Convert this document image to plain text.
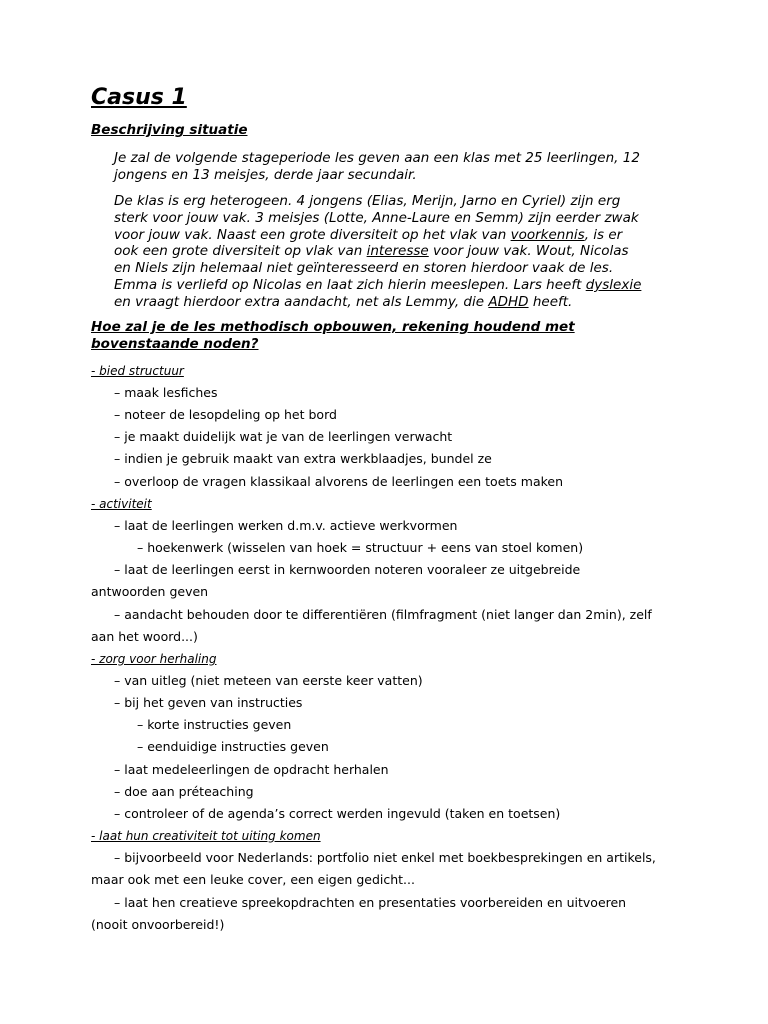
Casus 1

Beschrijving situatie

Je zal de volgende stageperiode les geven aan een klas met 25 leerlingen, 12
jongens en 13 meisjes, derde jaar secundair.

De klas is erg heterogeen. 4 jongens (Elias, Merijn, Jarno en Cyriel) zijn erg
sterk voor jouw vak. 3 meisjes (Lotte, Anne-Laure en Semm) zijn eerder zwak
voor jouw vak. Naast een grote diversiteit op het vlak van voorkennis, is er
ook een grote diversiteit op vlak van interesse voor jouw vak. Wout, Nicolas
en Niels zijn helemaal niet geïnteresseerd en storen hierdoor vaak de les.
Emma is verliefd op Nicolas en laat zich hierin meeslepen. Lars heeft dyslexie
en vraagt hierdoor extra aandacht, net als Lemmy, die ADHD heeft.

Hoe zal je de les methodisch opbouwen, rekening houdend met
bovenstaande noden?

- bied structuur

– maak lesfiches

– noteer de lesopdeling op het bord

– je maakt duidelijk wat je van de leerlingen verwacht

– indien je gebruik maakt van extra werkblaadjes, bundel ze

– overloop de vragen klassikaal alvorens de leerlingen een toets maken

- activiteit

– laat de leerlingen werken d.m.v. actieve werkvormen

– hoekenwerk (wisselen van hoek = structuur + eens van stoel komen)

– laat de leerlingen eerst in kernwoorden noteren vooraleer ze uitgebreide

antwoorden geven

– aandacht behouden door te differentiëren (filmfragment (niet langer dan 2min), zelf

aan het woord...)

- zorg voor herhaling

– van uitleg (niet meteen van eerste keer vatten)

– bij het geven van instructies

– korte instructies geven

– eenduidige instructies geven

– laat medeleerlingen de opdracht herhalen

– doe aan préteaching

– controleer of de agenda’s correct werden ingevuld (taken en toetsen)

- laat hun creativiteit tot uiting komen

– bijvoorbeeld voor Nederlands: portfolio niet enkel met boekbesprekingen en artikels,

maar ook met een leuke cover, een eigen gedicht...

– laat hen creatieve spreekopdrachten en presentaties voorbereiden en uitvoeren

(nooit onvoorbereid!)
